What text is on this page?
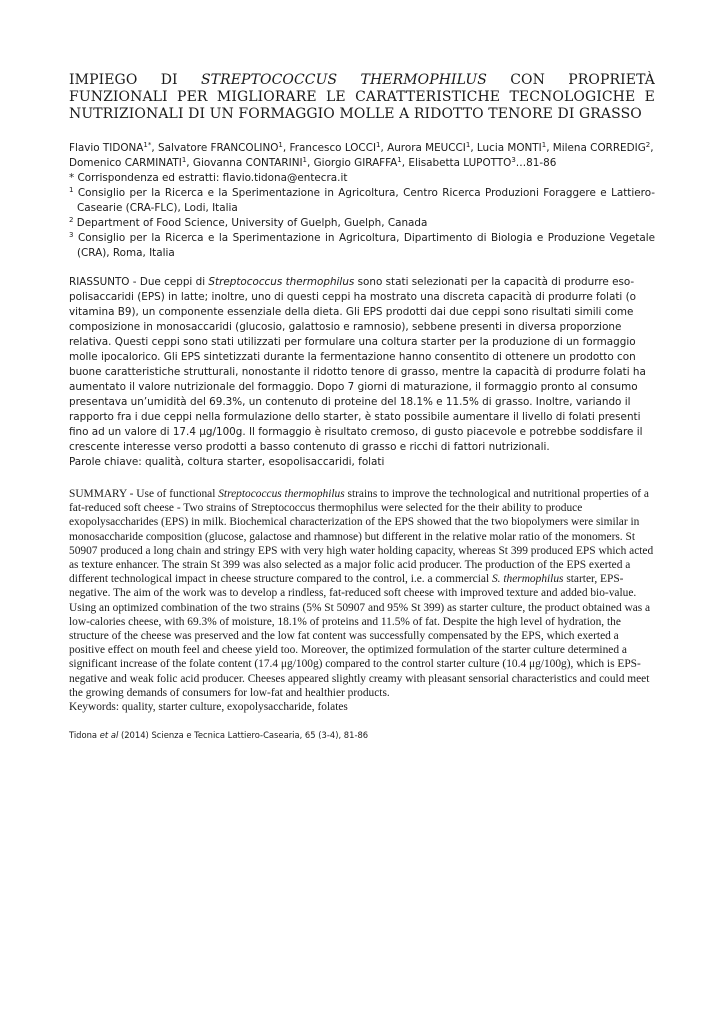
IMPIEGO DI STREPTOCOCCUS THERMOPHILUS CON PROPRIETÀ FUNZIONALI PER MIGLIORARE LE CARATTERISTICHE TECNOLOGICHE E NUTRIZIONALI DI UN FORMAGGIO MOLLE A RIDOTTO TENORE DI GRASSO

Flavio $TIDONA^{1*}$, Salvatore FRANCOLINO$^1$, Francesco LOCCI$^1$, Aurora MEUCCI$^1$, Lucia MONTI$^1$, Milena CORREDIG$^2$, Domenico CARMINATI$^1$, Giovanna CONTARINI$^1$, Giorgio GIRAFFA$^1$, Elisabetta LUPOTTO$^3$…81-86

* Corrispondenza ed estratti: flavio.tidona@entecra.it

$^1$ Consiglio per la Ricerca e la Sperimentazione in Agricoltura, Centro Ricerca Produzioni Foraggere e Lattiero-Casearie (CRA-FLC), Lodi, Italia

$^2$ Department of Food Science, University of Guelph, Guelph, Canada

$^3$ Consiglio per la Ricerca e la Sperimentazione in Agricoltura, Dipartimento di Biologia e Produzione Vegetale (CRA), Roma, Italia

RIASSUNTO - Due ceppi di Streptococcus thermophilus sono stati selezionati per la capacità di produrre eso-polisaccaridi (EPS) in latte; inoltre, uno di questi ceppi ha mostrato una discreta capacità di produrre folati (o vitamina B9), un componente essenziale della dieta. Gli EPS prodotti dai due ceppi sono risultati simili come composizione in monosaccaridi (glucosio, galattosio e ramnosio), sebbene presenti in diversa proporzione relativa. Questi ceppi sono stati utilizzati per formulare una coltura starter per la produzione di un formaggio molle ipocalorico. Gli EPS sintetizzati durante la fermentazione hanno consentito di ottenere un prodotto con buone caratteristiche strutturali, nonostante il ridotto tenore di grasso, mentre la capacità di produrre folati ha aumentato il valore nutrizionale del formaggio. Dopo 7 giorni di maturazione, il formaggio pronto al consumo presentava un’umidità del 69.3%, un contenuto di proteine del 18.1% e 11.5% di grasso. Inoltre, variando il rapporto fra i due ceppi nella formulazione dello starter, è stato possibile aumentare il livello di folati presenti fino ad un valore di 17.4 μg/100g. Il formaggio è risultato cremoso, di gusto piacevole e potrebbe soddisfare il crescente interesse verso prodotti a basso contenuto di grasso e ricchi di fattori nutrizionali.

Parole chiave: qualità, coltura starter, esopolisaccaridi, folati

SUMMARY - Use of functional Streptococcus thermophilus strains to improve the technological and nutritional properties of a fat-reduced soft cheese - Two strains of Streptococcus thermophilus were selected for the their ability to produce exopolysaccharides (EPS) in milk. Biochemical characterization of the EPS showed that the two biopolymers were similar in monosaccharide composition (glucose, galactose and rhamnose) but different in the relative molar ratio of the monomers. St 50907 produced a long chain and stringy EPS with very high water holding capacity, whereas St 399 produced EPS which acted as texture enhancer. The strain St 399 was also selected as a major folic acid producer. The production of the EPS exerted a different technological impact in cheese structure compared to the control, i.e. a commercial S. thermophilus starter, EPS-negative. The aim of the work was to develop a rindless, fat-reduced soft cheese with improved texture and added bio-value. Using an optimized combination of the two strains (5% St 50907 and 95% St 399) as starter culture, the product obtained was a low-calories cheese, with 69.3% of moisture, 18.1% of proteins and 11.5% of fat. Despite the high level of hydration, the structure of the cheese was preserved and the low fat content was successfully compensated by the EPS, which exerted a positive effect on mouth feel and cheese yield too. Moreover, the optimized formulation of the starter culture determined a significant increase of the folate content (17.4 μg/100g) compared to the control starter culture (10.4 μg/100g), which is EPS-negative and weak folic acid producer. Cheeses appeared slightly creamy with pleasant sensorial characteristics and could meet the growing demands of consumers for low-fat and healthier products.

Keywords: quality, starter culture, exopolysaccharide, folates

Tidona et al (2014) Scienza e Tecnica Lattiero-Casearia, 65 (3-4), 81-86
